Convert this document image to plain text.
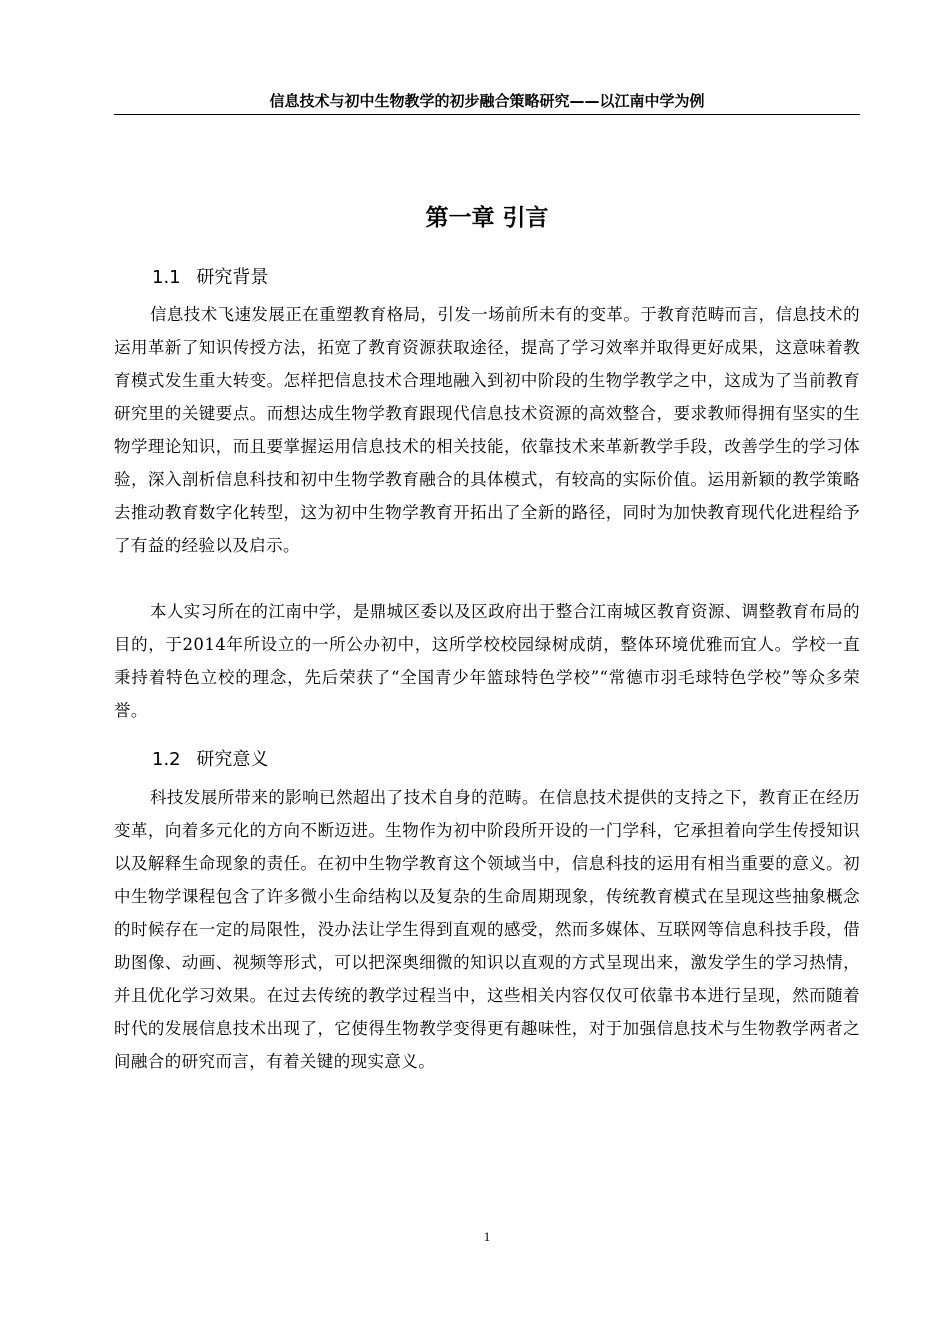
信息技术与初中生物教学的初步融合策略研究——以江南中学为例
第一章 引言
1.1 研究背景
信息技术飞速发展正在重塑教育格局，引发一场前所未有的变革。于教育范畴而言，信息技术的运用革新了知识传授方法，拓宽了教育资源获取途径，提高了学习效率并取得更好成果，这意味着教育模式发生重大转变。怎样把信息技术合理地融入到初中阶段的生物学教学之中，这成为了当前教育研究里的关键要点。而想达成生物学教育跟现代信息技术资源的高效整合，要求教师得拥有坚实的生物学理论知识，而且要掌握运用信息技术的相关技能，依靠技术来革新教学手段，改善学生的学习体验，深入剖析信息科技和初中生物学教育融合的具体模式，有较高的实际价值。运用新颖的教学策略去推动教育数字化转型，这为初中生物学教育开拓出了全新的路径，同时为加快教育现代化进程给予了有益的经验以及启示。
本人实习所在的江南中学，是鼎城区委以及区政府出于整合江南城区教育资源、调整教育布局的目的，于2014年所设立的一所公办初中，这所学校校园绿树成荫，整体环境优雅而宜人。学校一直秉持着特色立校的理念，先后荣获了“全国青少年篮球特色学校”“常德市羽毛球特色学校”等众多荣誉。
1.2 研究意义
科技发展所带来的影响已然超出了技术自身的范畴。在信息技术提供的支持之下，教育正在经历变革，向着多元化的方向不断迈进。生物作为初中阶段所开设的一门学科，它承担着向学生传授知识以及解释生命现象的责任。在初中生物学教育这个领域当中，信息科技的运用有相当重要的意义。初中生物学课程包含了许多微小生命结构以及复杂的生命周期现象，传统教育模式在呈现这些抽象概念的时候存在一定的局限性，没办法让学生得到直观的感受，然而多媒体、互联网等信息科技手段，借助图像、动画、视频等形式，可以把深奥细微的知识以直观的方式呈现出来，激发学生的学习热情，并且优化学习效果。在过去传统的教学过程当中，这些相关内容仅仅可依靠书本进行呈现，然而随着时代的发展信息技术出现了，它使得生物教学变得更有趣味性，对于加强信息技术与生物教学两者之间融合的研究而言，有着关键的现实意义。
1
